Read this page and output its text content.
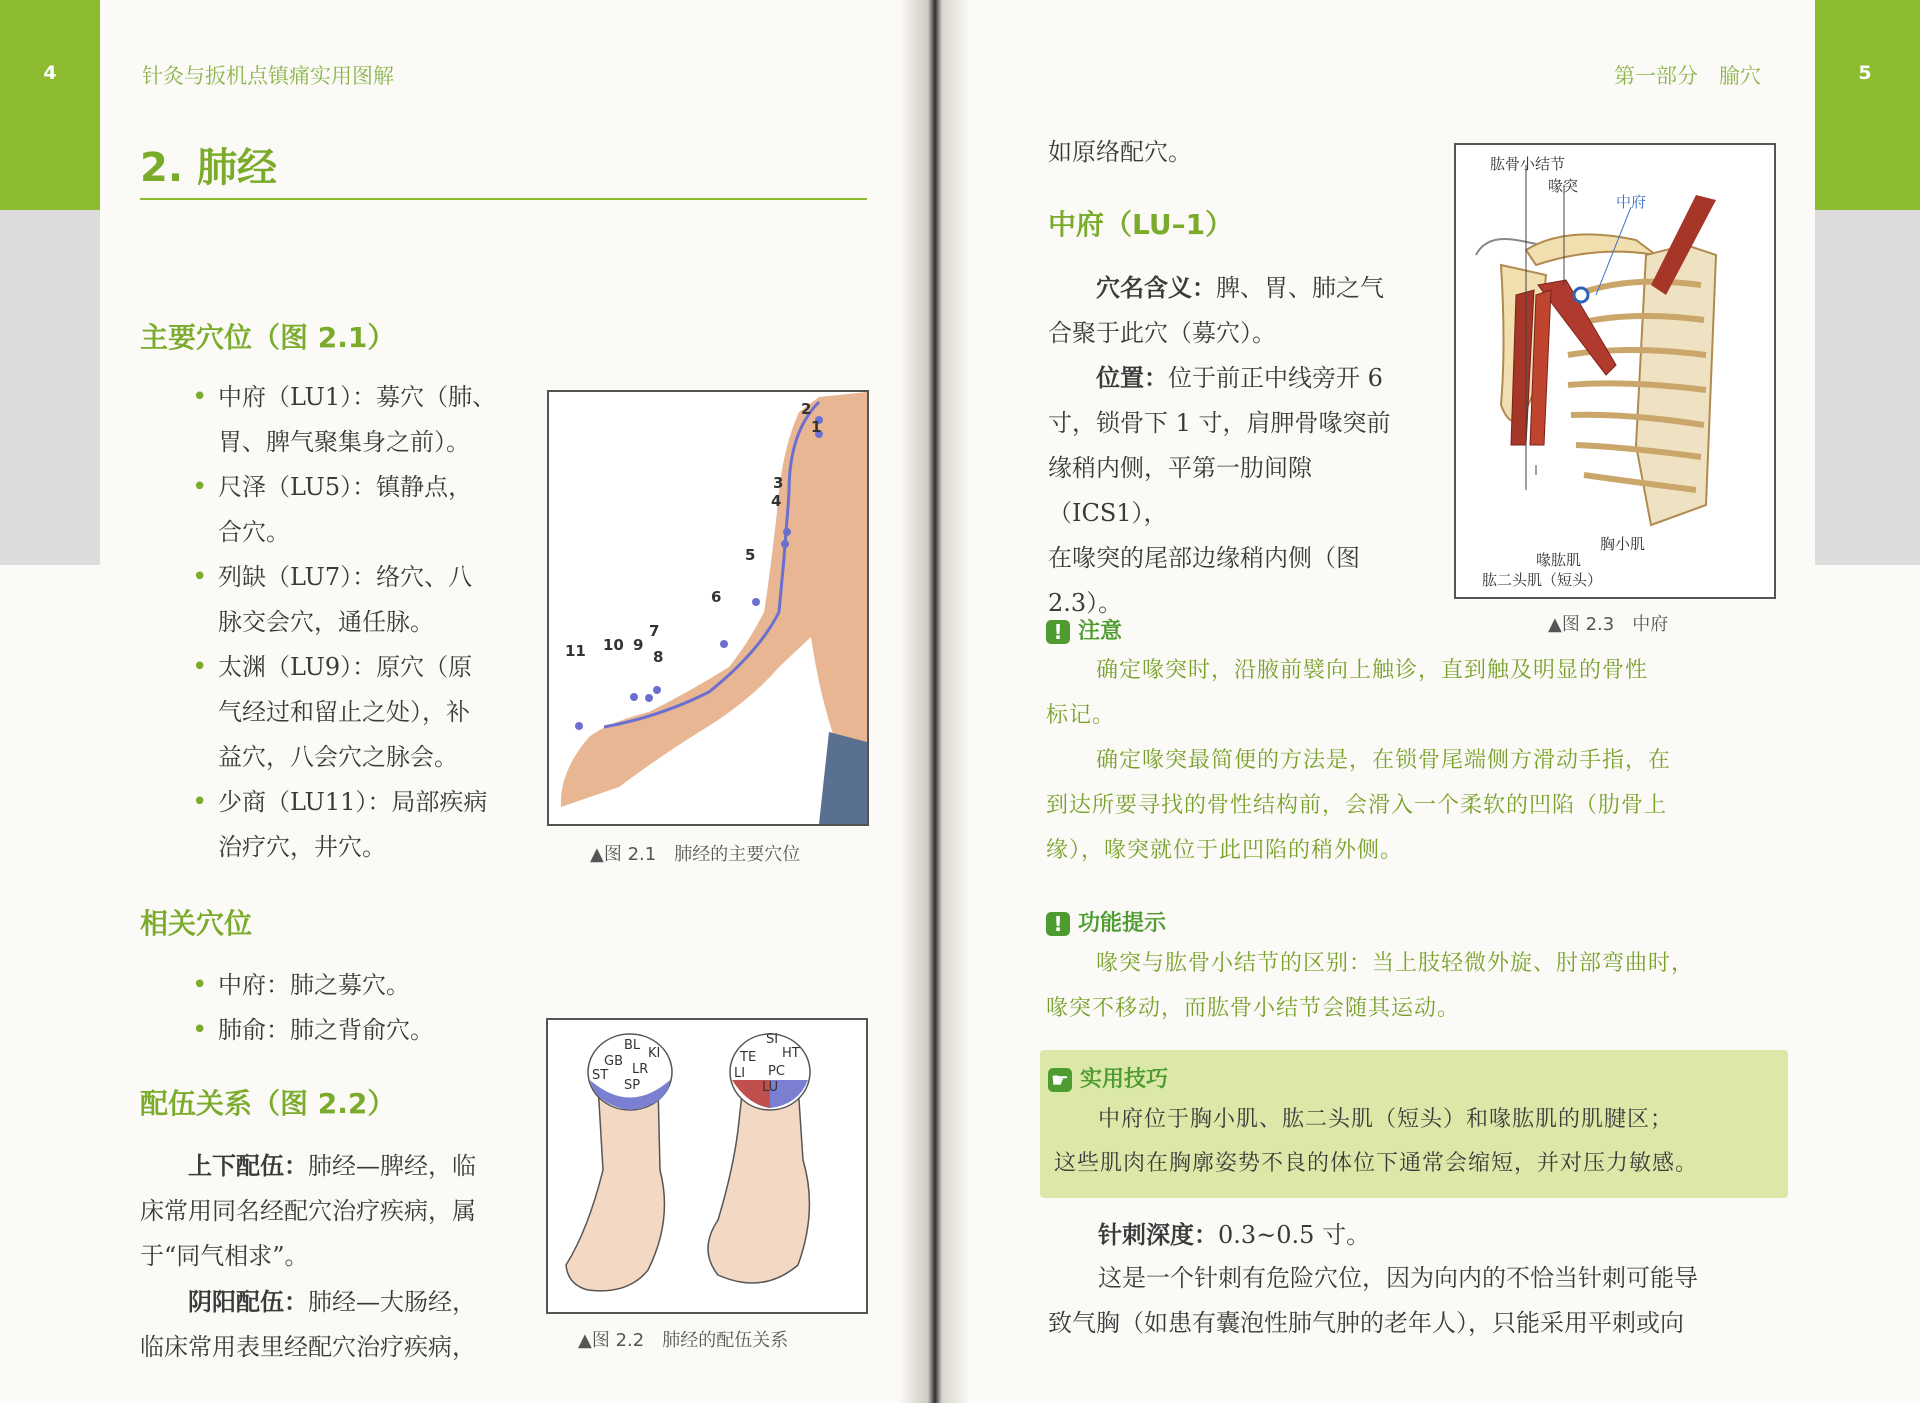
4	针灸与扳机点镇痛实用图解	5
第一部分　腧穴
2. 肺经
主要穴位（图 2.1）
• 中府（LU1）：募穴（肺、
胃、脾气聚集身之前）。
• 尺泽（LU5）：镇静点，
合穴。
• 列缺（LU7）：络穴、八
脉交会穴，通任脉。
• 太渊（LU9）：原穴（原
气经过和留止之处），补
益穴，八会穴之脉会。
• 少商（LU11）：局部疾病
治疗穴，井穴。
2
1
3
4
5
6
7
11 10 9
8
▲图 2.1　肺经的主要穴位
相关穴位
• 中府：肺之募穴。
• 肺俞：肺之背俞穴。
配伍关系（图 2.2）
上下配伍：肺经—脾经，临
床常用同名经配穴治疗疾病，属
于“同气相求”。
阴阳配伍：肺经—大肠经，
临床常用表里经配穴治疗疾病，
BL
KI
GB
LR
ST
SP
SI
TE HT
LI PC
LU
▲图 2.2　肺经的配伍关系
如原络配穴。
中府（LU–1）
穴名含义：脾、胃、肺之气
合聚于此穴（募穴）。
位置：位于前正中线旁开 6
寸，锁骨下 1 寸，肩胛骨喙突前
缘稍内侧，平第一肋间隙（ICS1），
在喙突的尾部边缘稍内侧（图
2.3）。
肱骨小结节
喙突
中府
胸小肌
喙肱肌
肱二头肌（短头）
▲图 2.3　中府
! 注意
确定喙突时，沿腋前襞向上触诊，直到触及明显的骨性
标记。
确定喙突最简便的方法是，在锁骨尾端侧方滑动手指，在
到达所要寻找的骨性结构前，会滑入一个柔软的凹陷（肋骨上
缘），喙突就位于此凹陷的稍外侧。
! 功能提示
喙突与肱骨小结节的区别：当上肢轻微外旋、肘部弯曲时，
喙突不移动，而肱骨小结节会随其运动。
☛ 实用技巧
中府位于胸小肌、肱二头肌（短头）和喙肱肌的肌腱区；
这些肌肉在胸廓姿势不良的体位下通常会缩短，并对压力敏感。
针刺深度：0.3~0.5 寸。
这是一个针刺有危险穴位，因为向内的不恰当针刺可能导
致气胸（如患有囊泡性肺气肿的老年人），只能采用平刺或向
